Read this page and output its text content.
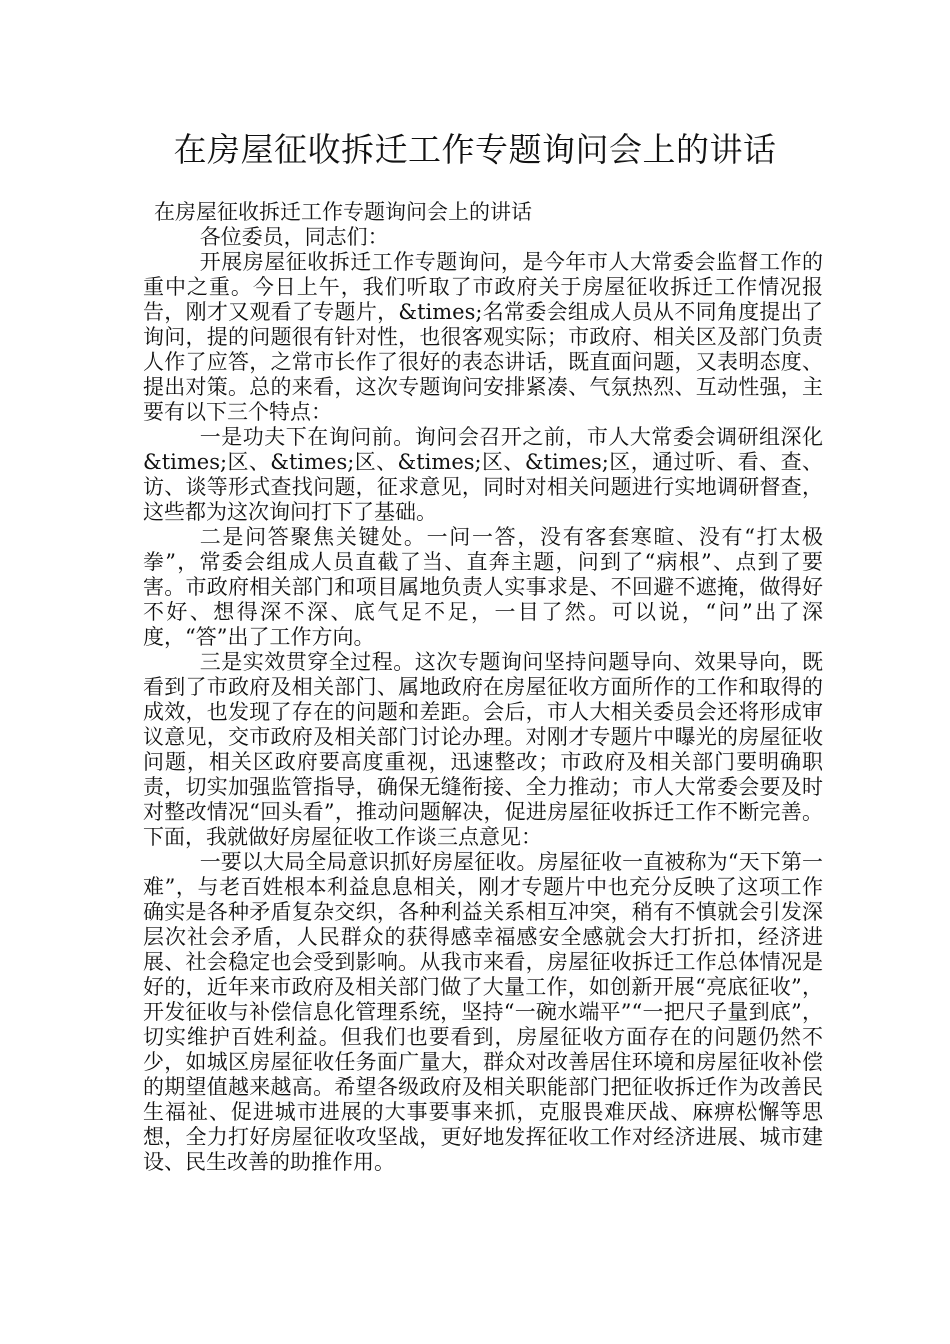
在房屋征收拆迁工作专题询问会上的讲话

在房屋征收拆迁工作专题询问会上的讲话

各位委员，同志们：

开展房屋征收拆迁工作专题询问，是今年市人大常委会监督工作的重中之重。今日上午，我们听取了市政府关于房屋征收拆迁工作情况报告，刚才又观看了专题片，&times;名常委会组成人员从不同角度提出了询问，提的问题很有针对性，也很客观实际；市政府、相关区及部门负责人作了应答，之常市长作了很好的表态讲话，既直面问题，又表明态度、提出对策。总的来看，这次专题询问安排紧凑、气氛热烈、互动性强，主要有以下三个特点：

一是功夫下在询问前。询问会召开之前，市人大常委会调研组深化&times;区、&times;区、&times;区、&times;区，通过听、看、查、访、谈等形式查找问题，征求意见，同时对相关问题进行实地调研督查，这些都为这次询问打下了基础。

二是问答聚焦关键处。一问一答，没有客套寒暄、没有“打太极拳”，常委会组成人员直截了当、直奔主题，问到了“病根”、点到了要害。市政府相关部门和项目属地负责人实事求是、不回避不遮掩，做得好不好、想得深不深、底气足不足，一目了然。可以说，“问”出了深度，“答”出了工作方向。

三是实效贯穿全过程。这次专题询问坚持问题导向、效果导向，既看到了市政府及相关部门、属地政府在房屋征收方面所作的工作和取得的成效，也发现了存在的问题和差距。会后，市人大相关委员会还将形成审议意见，交市政府及相关部门讨论办理。对刚才专题片中曝光的房屋征收问题，相关区政府要高度重视，迅速整改；市政府及相关部门要明确职责，切实加强监管指导，确保无缝衔接、全力推动；市人大常委会要及时对整改情况“回头看”，推动问题解决，促进房屋征收拆迁工作不断完善。下面，我就做好房屋征收工作谈三点意见：

一要以大局全局意识抓好房屋征收。房屋征收一直被称为“天下第一难”，与老百姓根本利益息息相关，刚才专题片中也充分反映了这项工作确实是各种矛盾复杂交织，各种利益关系相互冲突，稍有不慎就会引发深层次社会矛盾，人民群众的获得感幸福感安全感就会大打折扣，经济进展、社会稳定也会受到影响。从我市来看，房屋征收拆迁工作总体情况是好的，近年来市政府及相关部门做了大量工作，如创新开展“亮底征收”，开发征收与补偿信息化管理系统，坚持“一碗水端平”“一把尺子量到底”，切实维护百姓利益。但我们也要看到，房屋征收方面存在的问题仍然不少，如城区房屋征收任务面广量大，群众对改善居住环境和房屋征收补偿的期望值越来越高。希望各级政府及相关职能部门把征收拆迁作为改善民生福祉、促进城市进展的大事要事来抓，克服畏难厌战、麻痹松懈等思想，全力打好房屋征收攻坚战，更好地发挥征收工作对经济进展、城市建设、民生改善的助推作用。
